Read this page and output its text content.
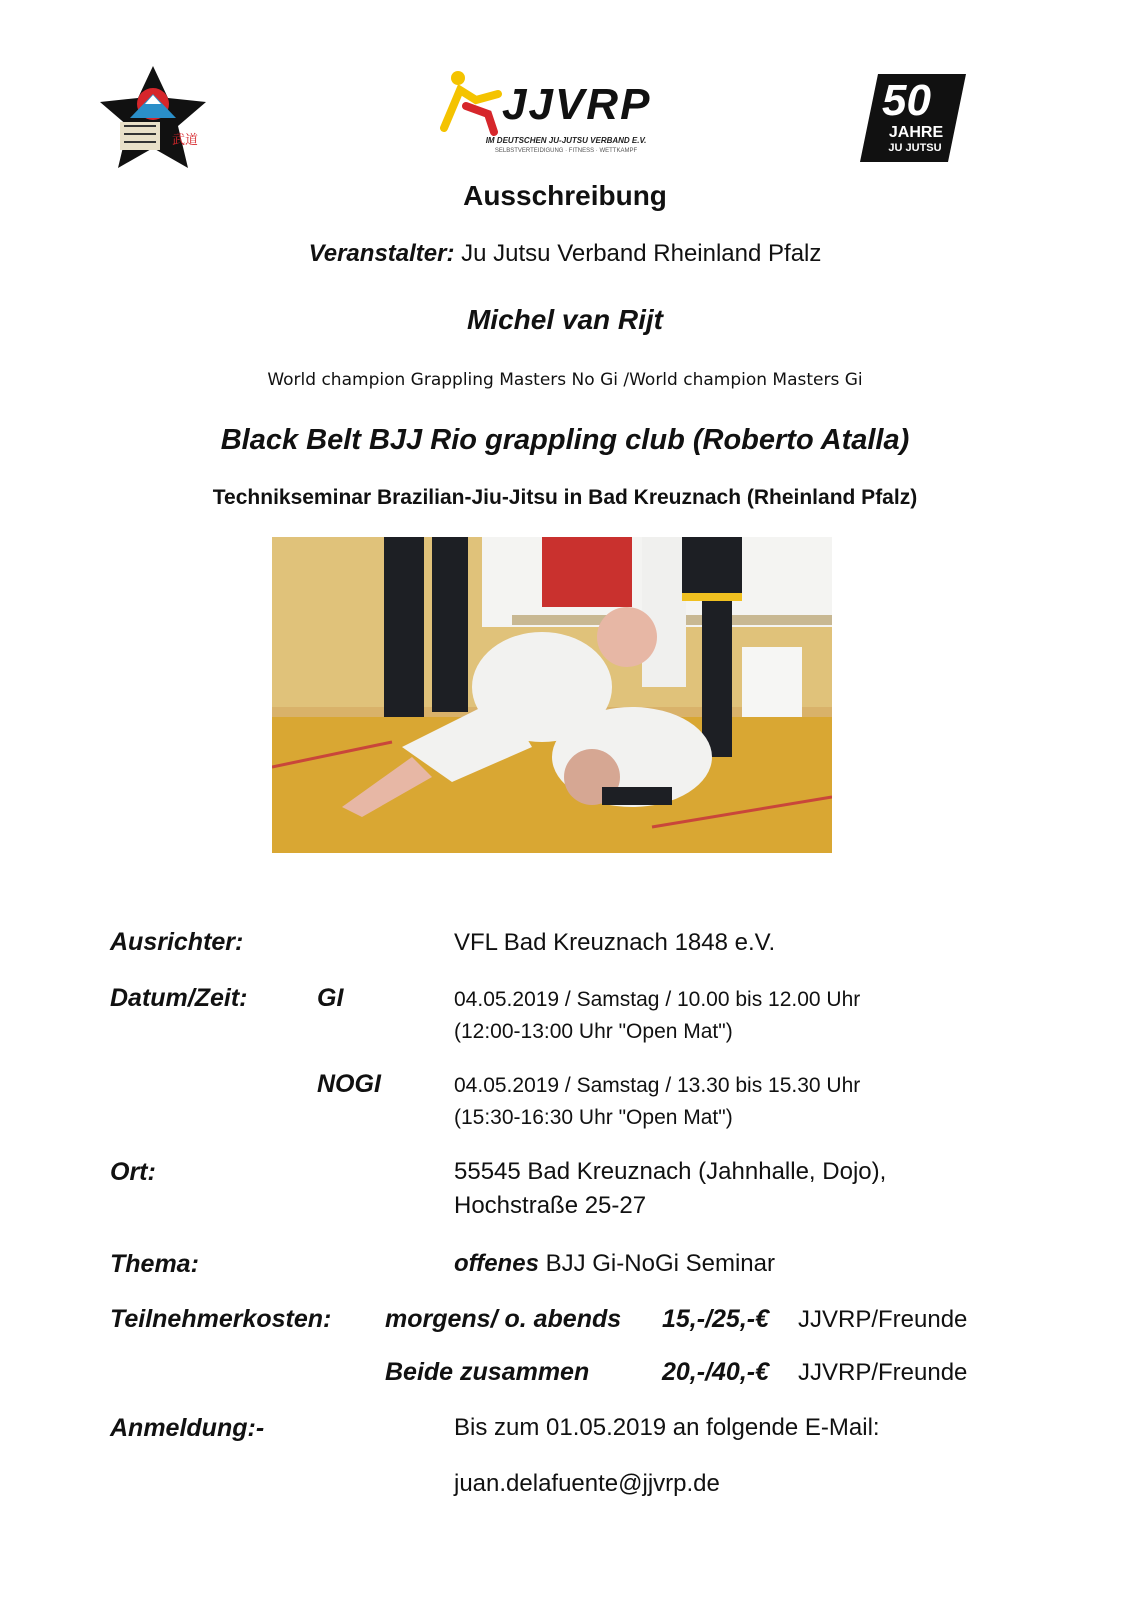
武道
JJVRP
IM DEUTSCHEN JU-JUTSU VERBAND E.V.
SELBSTVERTEIDIGUNG · FITNESS · WETTKAMPF
50
JAHRE
JU JUTSU
Ausschreibung
Veranstalter: Ju Jutsu Verband Rheinland Pfalz
Michel van Rijt
World champion Grappling Masters No Gi /World champion Masters Gi
Black Belt BJJ Rio grappling club (Roberto Atalla)
Technikseminar Brazilian-Jiu-Jitsu in Bad Kreuznach (Rheinland Pfalz)
Ausrichter:	VFL Bad Kreuznach 1848 e.V.
Datum/Zeit:	GI	04.05.2019 / Samstag / 10.00 bis 12.00 Uhr
(12:00-13:00 Uhr "Open Mat")
NOGI	04.05.2019 / Samstag / 13.30 bis 15.30 Uhr
(15:30-16:30 Uhr "Open Mat")
Ort:	55545 Bad Kreuznach (Jahnhalle, Dojo),
Hochstraße 25-27
Thema:	offenes BJJ Gi-NoGi Seminar
Teilnehmerkosten: morgens/ o. abends 15,-/25,-€ JJVRP/Freunde
Beide zusammen	20,-/40,-€ JJVRP/Freunde
Anmeldung:-	Bis zum 01.05.2019 an folgende E-Mail:
juan.delafuente@jjvrp.de
